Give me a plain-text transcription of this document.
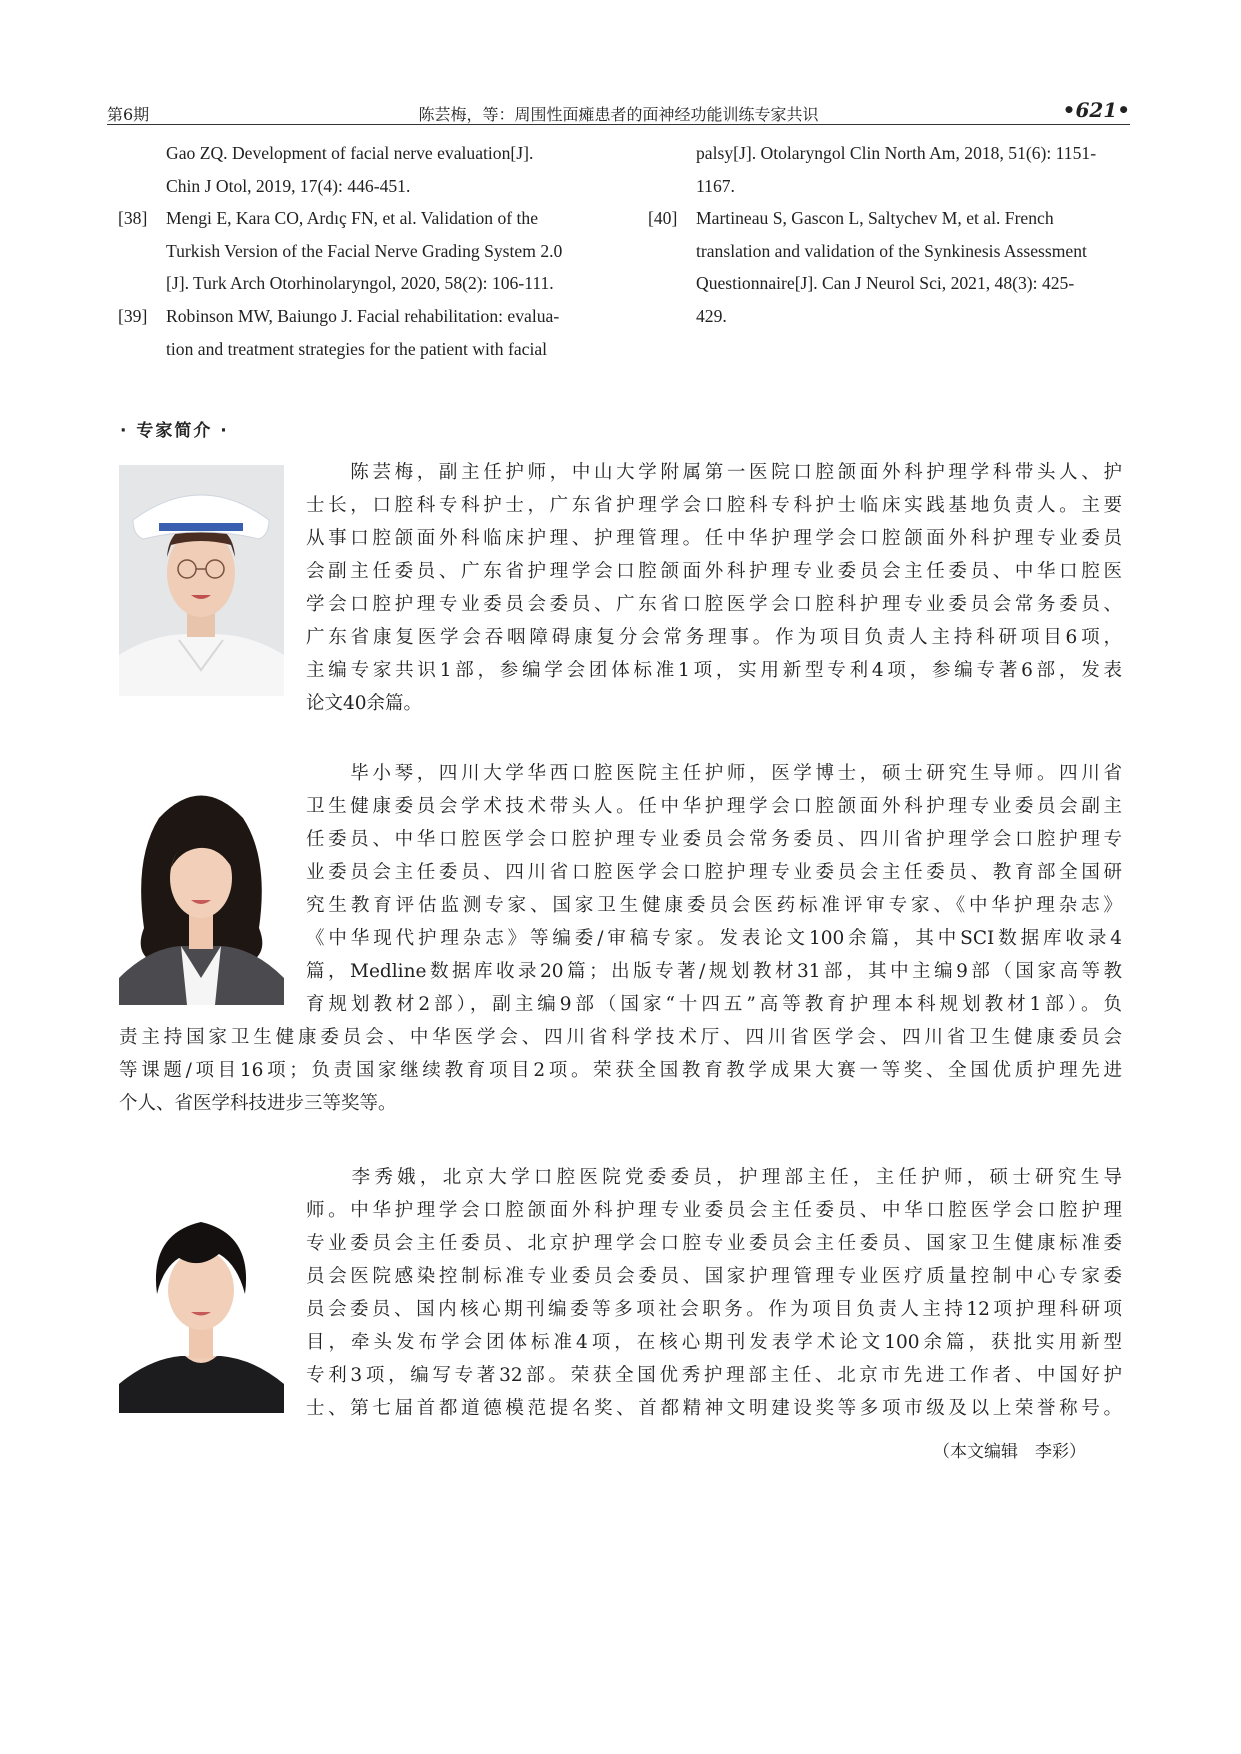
第6期	陈芸梅，等：周围性面瘫患者的面神经功能训练专家共识	•621•
Gao ZQ. Development of facial nerve evaluation[J].
Chin J Otol, 2019, 17(4): 446-451.
[38] Mengi E, Kara CO, Ardıç FN, et al. Validation of the
Turkish Version of the Facial Nerve Grading System 2.0
[J]. Turk Arch Otorhinolaryngol, 2020, 58(2): 106-111.
[39] Robinson MW, Baiungo J. Facial rehabilitation: evalua-
tion and treatment strategies for the patient with facial
palsy[J]. Otolaryngol Clin North Am, 2018, 51(6): 1151-
1167.
[40] Martineau S, Gascon L, Saltychev M, et al. French
translation and validation of the Synkinesis Assessment
Questionnaire[J]. Can J Neurol Sci, 2021, 48(3): 425-
429.
· 专家简介 ·
　　陈芸梅，副主任护师，中山大学附属第一医院口腔颌面外科护理学科带头人、护
士长，口腔科专科护士，广东省护理学会口腔科专科护士临床实践基地负责人。主要
从事口腔颌面外科临床护理、护理管理。任中华护理学会口腔颌面外科护理专业委员
会副主任委员、广东省护理学会口腔颌面外科护理专业委员会主任委员、中华口腔医
学会口腔护理专业委员会委员、广东省口腔医学会口腔科护理专业委员会常务委员、
广东省康复医学会吞咽障碍康复分会常务理事。作为项目负责人主持科研项目6项，
主编专家共识1部，参编学会团体标准1项，实用新型专利4项，参编专著6部，发表
论文40余篇。
　　毕小琴，四川大学华西口腔医院主任护师，医学博士，硕士研究生导师。四川省
卫生健康委员会学术技术带头人。任中华护理学会口腔颌面外科护理专业委员会副主
任委员、中华口腔医学会口腔护理专业委员会常务委员、四川省护理学会口腔护理专
业委员会主任委员、四川省口腔医学会口腔护理专业委员会主任委员、教育部全国研
究生教育评估监测专家、国家卫生健康委员会医药标准评审专家、《中华护理杂志》
《中华现代护理杂志》等编委/审稿专家。发表论文100余篇，其中SCI数据库收录4
篇，Medline数据库收录20篇；出版专著/规划教材31部，其中主编9部（国家高等教
育规划教材2部），副主编9部（国家“十四五”高等教育护理本科规划教材1部）。负
责主持国家卫生健康委员会、中华医学会、四川省科学技术厅、四川省医学会、四川省卫生健康委员会
等课题/项目16项；负责国家继续教育项目2项。荣获全国教育教学成果大赛一等奖、全国优质护理先进
个人、省医学科技进步三等奖等。
　　李秀娥，北京大学口腔医院党委委员，护理部主任，主任护师，硕士研究生导
师。中华护理学会口腔颌面外科护理专业委员会主任委员、中华口腔医学会口腔护理
专业委员会主任委员、北京护理学会口腔专业委员会主任委员、国家卫生健康标准委
员会医院感染控制标准专业委员会委员、国家护理管理专业医疗质量控制中心专家委
员会委员、国内核心期刊编委等多项社会职务。作为项目负责人主持12项护理科研项
目，牵头发布学会团体标准4项，在核心期刊发表学术论文100余篇，获批实用新型
专利3项，编写专著32部。荣获全国优秀护理部主任、北京市先进工作者、中国好护
士、第七届首都道德模范提名奖、首都精神文明建设奖等多项市级及以上荣誉称号。
（本文编辑　李彩）
